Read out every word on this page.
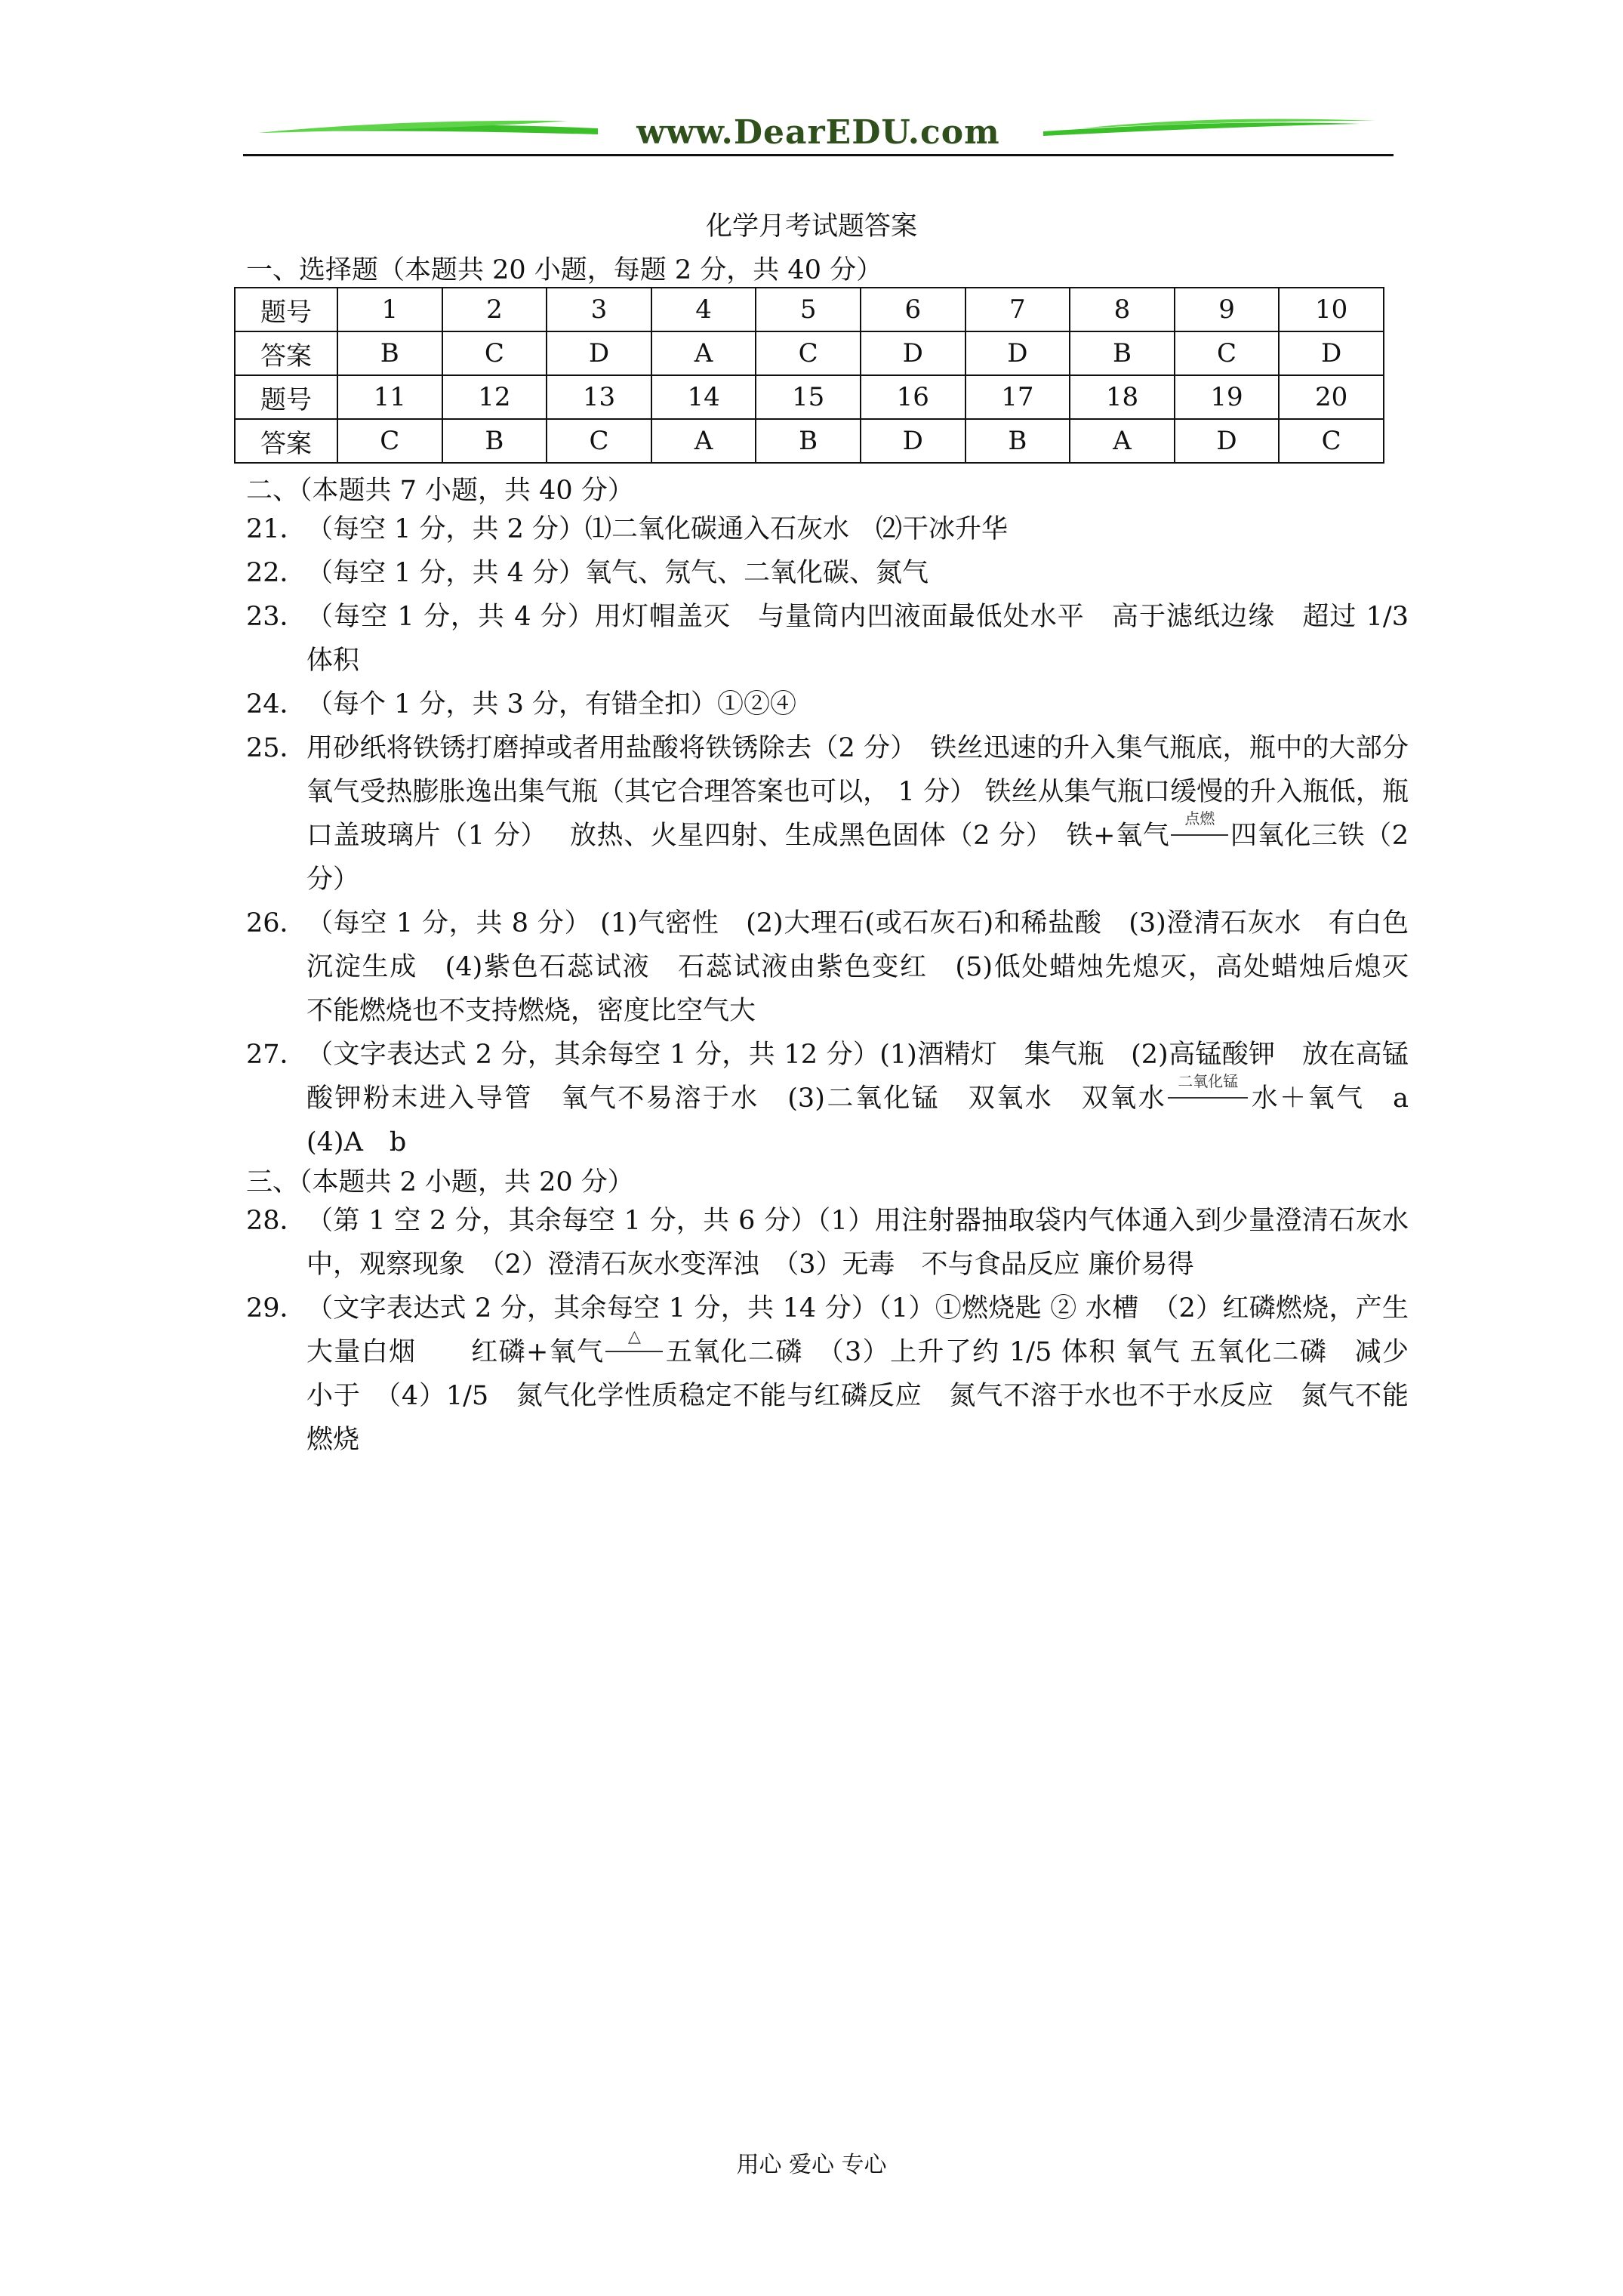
www.DearEDU.com
化学月考试题答案
一、选择题（本题共 20 小题，每题 2 分，共 40 分）
题号	1	2	3	4	5	6	7	8	9	10
答案	B	C	D	A	C	D	D	B	C	D
题号	11	12	13	14	15	16	17	18	19	20
答案	C	B	C	A	B	D	B	A	D	C
二、（本题共 7 小题，共 40 分）
21． （每空 1 分，共 2 分）⑴二氧化碳通入石灰水　⑵干冰升华

22． （每空 1 分，共 4 分）氧气、氖气、二氧化碳、氮气

23． （每空 1 分，共 4 分）用灯帽盖灭　与量筒内凹液面最低处水平　高于滤纸边缘　超过 1/3 体积

24． （每个 1 分，共 3 分，有错全扣）①②④

25． 用砂纸将铁锈打磨掉或者用盐酸将铁锈除去（2 分）　铁丝迅速的升入集气瓶底，瓶中的大部分氧气受热膨胀逸出集气瓶（其它合理答案也可以， 1 分） 铁丝从集气瓶口缓慢的升入瓶低，瓶口盖玻璃片（1 分）　 放热、火星四射、生成黑色固体（2 分）　铁+氧气
点燃
四氧化三铁（2 分）

26． （每空 1 分，共 8 分） (1)气密性　(2)大理石(或石灰石)和稀盐酸　(3)澄清石灰水　有白色沉淀生成　(4)紫色石蕊试液　石蕊试液由紫色变红　(5)低处蜡烛先熄灭，高处蜡烛后熄灭　不能燃烧也不支持燃烧，密度比空气大

27． （文字表达式 2 分，其余每空 1 分，共 12 分）(1)酒精灯　集气瓶　(2)高锰酸钾　放在高锰酸钾粉末进入导管　氧气不易溶于水　(3)二氧化锰　双氧水　双氧水
二氧化锰
水＋氧气　a　(4)A　b

三、（本题共 2 小题，共 20 分）
28． （第 1 空 2 分，其余每空 1 分，共 6 分）（1）用注射器抽取袋内气体通入到少量澄清石灰水中，观察现象　（2）澄清石灰水变浑浊　（3）无毒　不与食品反应 廉价易得

29． （文字表达式 2 分，其余每空 1 分，共 14 分）（1）①燃烧匙 ② 水槽　（2）红磷燃烧，产生大量白烟　　红磷+氧气
△
五氧化二磷　（3）上升了约 1/5 体积 氧气 五氧化二磷　减少　小于　（4）1/5　氮气化学性质稳定不能与红磷反应　氮气不溶于水也不于水反应　氮气不能燃烧

用心 爱心 专心
